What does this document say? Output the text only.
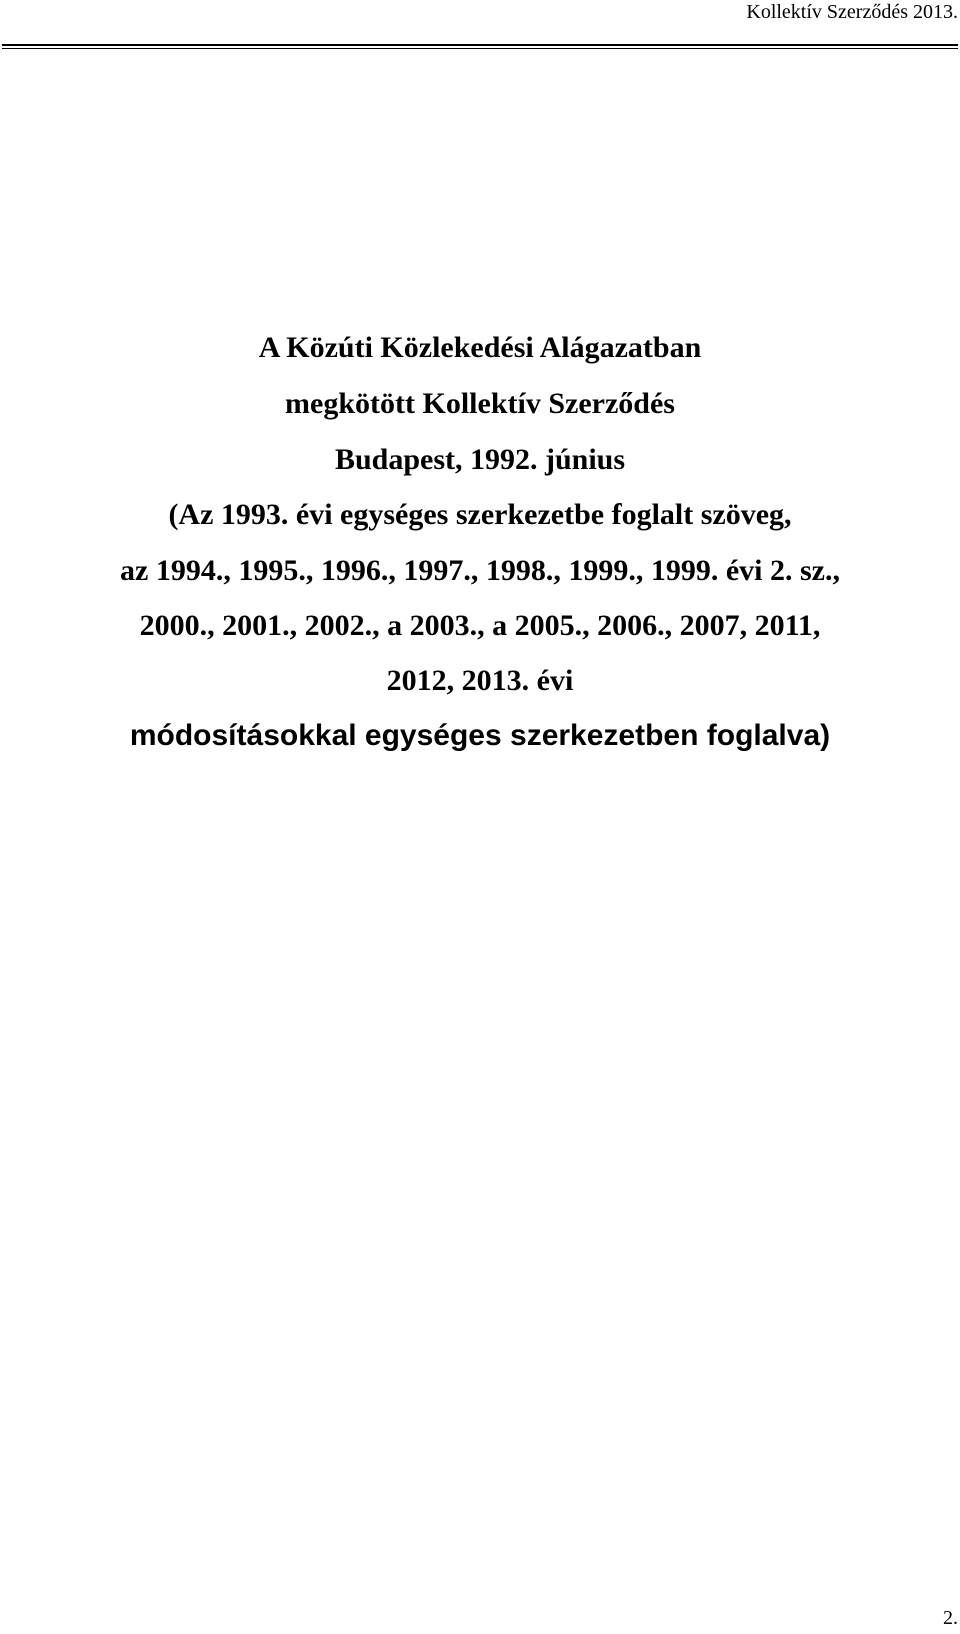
Kollektív Szerződés 2013.
A Közúti Közlekedési Alágazatban
megkötött Kollektív Szerződés
Budapest, 1992. június
(Az 1993. évi egységes szerkezetbe foglalt szöveg,
az 1994., 1995., 1996., 1997., 1998., 1999., 1999. évi 2. sz.,
2000., 2001., 2002., a 2003., a 2005., 2006., 2007, 2011,
2012, 2013. évi
módosításokkal egységes szerkezetben foglalva)
2.
